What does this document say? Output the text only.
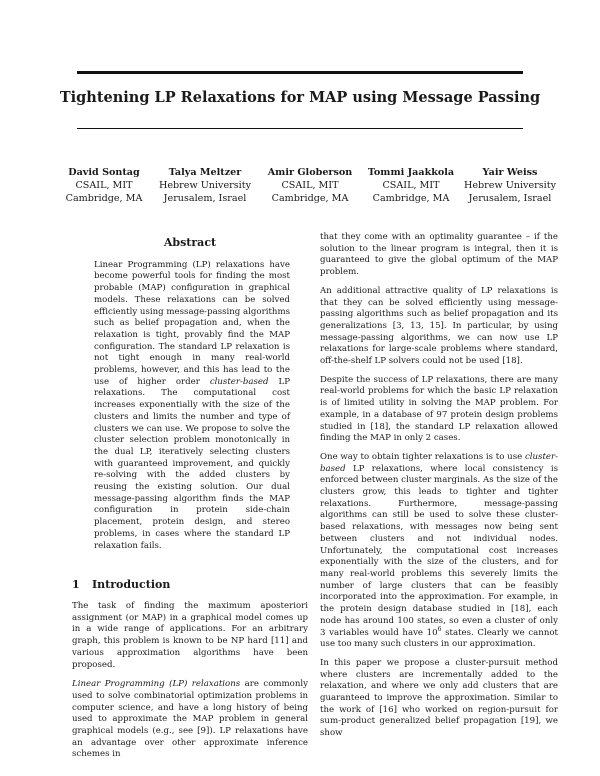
Tightening LP Relaxations for MAP using Message Passing
David Sontag
CSAIL, MIT
Cambridge, MA
Talya Meltzer
Hebrew University
Jerusalem, Israel
Amir Globerson
CSAIL, MIT
Cambridge, MA
Tommi Jaakkola
CSAIL, MIT
Cambridge, MA
Yair Weiss
Hebrew University
Jerusalem, Israel
Abstract

Linear Programming (LP) relaxations have become powerful tools for finding the most probable (MAP) configuration in graphical models. These relaxations can be solved efficiently using message-passing algorithms such as belief propagation and, when the relaxation is tight, provably find the MAP configuration. The standard LP relaxation is not tight enough in many real-world problems, however, and this has lead to the use of higher order cluster-based LP relaxations. The computational cost increases exponentially with the size of the clusters and limits the number and type of clusters we can use. We propose to solve the cluster selection problem monotonically in the dual LP, iteratively selecting clusters with guaranteed improvement, and quickly re-solving with the added clusters by reusing the existing solution. Our dual message-passing algorithm finds the MAP configuration in protein side-chain placement, protein design, and stereo problems, in cases where the standard LP relaxation fails.

1 Introduction

The task of finding the maximum aposteriori assignment (or MAP) in a graphical model comes up in a wide range of applications. For an arbitrary graph, this problem is known to be NP hard [11] and various approximation algorithms have been proposed.

Linear Programming (LP) relaxations are commonly used to solve combinatorial optimization problems in computer science, and have a long history of being used to approximate the MAP problem in general graphical models (e.g., see [9]). LP relaxations have an advantage over other approximate inference schemes in

that they come with an optimality guarantee – if the solution to the linear program is integral, then it is guaranteed to give the global optimum of the MAP problem.

An additional attractive quality of LP relaxations is that they can be solved efficiently using message-passing algorithms such as belief propagation and its generalizations [3, 13, 15]. In particular, by using message-passing algorithms, we can now use LP relaxations for large-scale problems where standard, off-the-shelf LP solvers could not be used [18].

Despite the success of LP relaxations, there are many real-world problems for which the basic LP relaxation is of limited utility in solving the MAP problem. For example, in a database of 97 protein design problems studied in [18], the standard LP relaxation allowed finding the MAP in only 2 cases.

One way to obtain tighter relaxations is to use cluster-based LP relaxations, where local consistency is enforced between cluster marginals. As the size of the clusters grow, this leads to tighter and tighter relaxations. Furthermore, message-passing algorithms can still be used to solve these cluster-based relaxations, with messages now being sent between clusters and not individual nodes. Unfortunately, the computational cost increases exponentially with the size of the clusters, and for many real-world problems this severely limits the number of large clusters that can be feasibly incorporated into the approximation. For example, in the protein design database studied in [18], each node has around 100 states, so even a cluster of only 3 variables would have $10^6$ states. Clearly we cannot use too many such clusters in our approximation.

In this paper we propose a cluster-pursuit method where clusters are incrementally added to the relaxation, and where we only add clusters that are guaranteed to improve the approximation. Similar to the work of [16] who worked on region-pursuit for sum-product generalized belief propagation [19], we show
